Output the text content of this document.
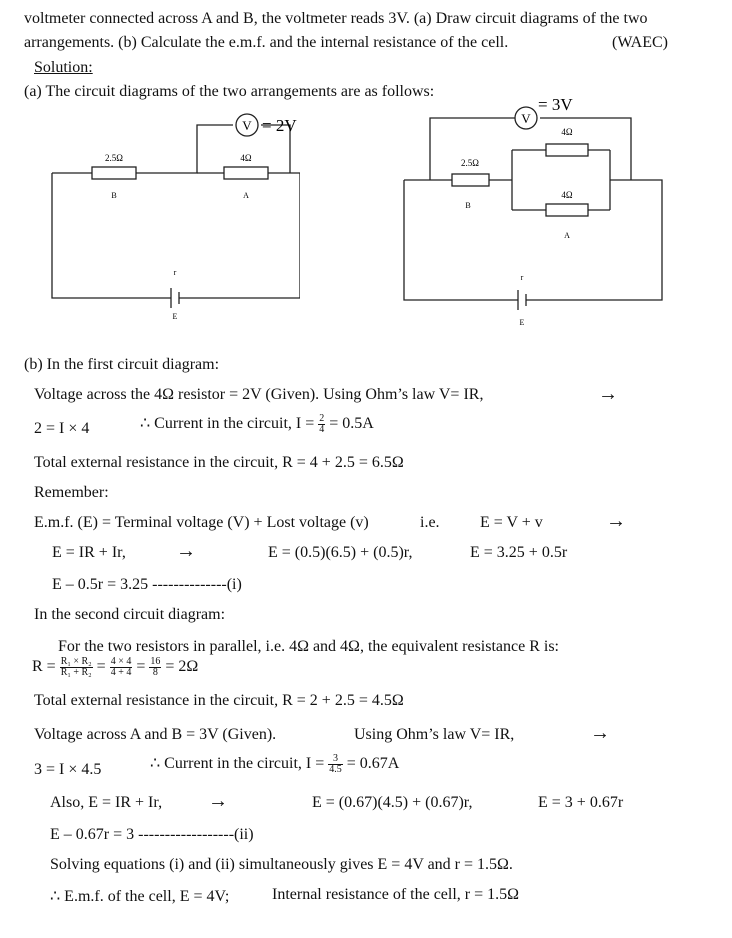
voltmeter connected across A and B, the voltmeter reads 3V. (a) Draw circuit diagrams of the two
arrangements. (b) Calculate the e.m.f. and the internal resistance of the cell.	(WAEC)
Solution:
(a) The circuit diagrams of the two arrangements are as follows:
V = 2V
2.5Ω	4Ω
B	A
r
E
V
= 3V
4Ω
2.5Ω
4Ω
B
A
r
E
(b) In the first circuit diagram:
Voltage across the 4Ω resistor = 2V (Given). Using Ohm’s law V= IR,	→
2 = I × 4	∴ Current in the circuit, $I = \frac{2}{4} = 0.5A$
Total external resistance in the circuit, R = 4 + 2.5 = 6.5Ω
Remember:
E.m.f. (E) = Terminal voltage (V) + Lost voltage (v)	i.e.	E = V + v	→
E = IR + Ir,	→	E = (0.5)(6.5) + (0.5)r,	E = 3.25 + 0.5r
E – 0.5r = 3.25 --------------(i)
In the second circuit diagram:
For the two resistors in parallel, i.e. 4Ω and 4Ω, the equivalent resistance R is:
$R = \frac{\text{R₁ × R₂}}{\text{R₁ + R₂}} = \frac{4 \times 4}{4 + 4} = \frac{16}{8} = 2\Omega$
Total external resistance in the circuit, R = 2 + 2.5 = 4.5Ω
Voltage across A and B = 3V (Given).	Using Ohm’s law V= IR,	→
3 = I × 4.5	∴ Current in the circuit, $I = \frac{3}{4.5} = 0.67A$
Also, E = IR + Ir, →	E = (0.67)(4.5) + (0.67)r,	E = 3 + 0.67r
E – 0.67r = 3 ------------------(ii)
Solving equations (i) and (ii) simultaneously gives E = 4V and r = 1.5Ω.
∴ E.m.f. of the cell, E = 4V;	Internal resistance of the cell, r = 1.5Ω
